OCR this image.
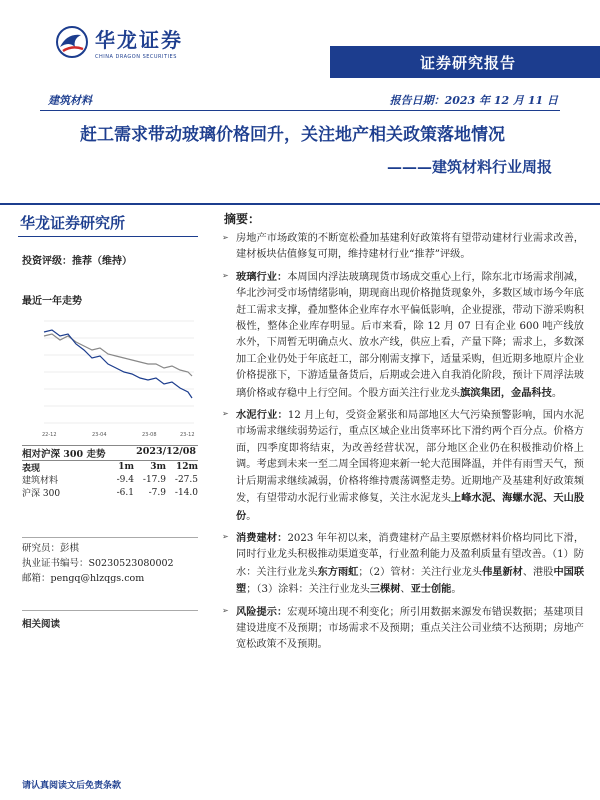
华龙证券
CHINA DRAGON SECURITIES	证券研究报告
建筑材料	报告日期：2023 年 12 月 11 日
赶工需求带动玻璃价格回升，关注地产相关政策落地情况
———建筑材料行业周报
华龙证券研究所
投资评级：推荐（维持）
最近一年走势
22-12	23-04	23-08	23-12
相对沪深 300 走势	2023/12/08
表现	1m	3m	12m
建筑材料	-9.4 -17.9 -27.5
沪深 300	-6.1	-7.9 -14.0
研究员：彭棋
执业证书编号：S0230523080002
邮箱：pengq@hlzqgs.com
相关阅读
请认真阅读文后免责条款
摘要：
➢ 房地产市场政策的不断宽松叠加基建利好政策将有望带动建材行业需求改善，建材板块估值修复可期，维持建材行业“推荐”评级。
➢ 玻璃行业：本周国内浮法玻璃现货市场成交重心上行，除东北市场需求削减，华北沙河受市场情绪影响，期现商出现价格抛货现象外，多数区域市场今年底赶工需求支撑，叠加整体企业库存水平偏低影响，企业提涨，带动下游采购积极性，整体企业库存明显。后市来看，除 12 月 07 日有企业 600 吨产线放水外，下周暂无明确点火、放水产线，供应上看，产量下降；需求上，多数深加工企业仍处于年底赶工，部分刚需支撑下，适量采购，但近期多地原片企业价格提涨下，下游适量备货后，后期或会进入自我消化阶段，预计下周浮法玻璃价格或存稳中上行空间。个股方面关注行业龙头旗滨集团，金晶科技。
➢ 水泥行业：12 月上旬，受资金紧张和局部地区大气污染预警影响，国内水泥市场需求继续弱势运行，重点区域企业出货率环比下滑约两个百分点。价格方面，四季度即将结束，为改善经营状况，部分地区企业仍在积极推动价格上调。考虑到未来一至二周全国将迎来新一轮大范围降温，并伴有雨雪天气，预计后期需求继续减弱，价格将维持震荡调整走势。近期地产及基建利好政策频发，有望带动水泥行业需求修复，关注水泥龙头上峰水泥、海螺水泥、天山股份。
➢ 消费建材：2023 年年初以来，消费建材产品主要原燃材料价格均同比下滑，同时行业龙头积极推动渠道变革，行业盈利能力及盈利质量有望改善。（1）防水：关注行业龙头东方雨虹；（2）管材：关注行业龙头伟星新材、港股中国联塑；（3）涂料：关注行业龙头三棵树、亚士创能。
➢ 风险提示：宏观环境出现不利变化；所引用数据来源发布错误数据；基建项目建设进度不及预期；市场需求不及预期；重点关注公司业绩不达预期；房地产宽松政策不及预期。
